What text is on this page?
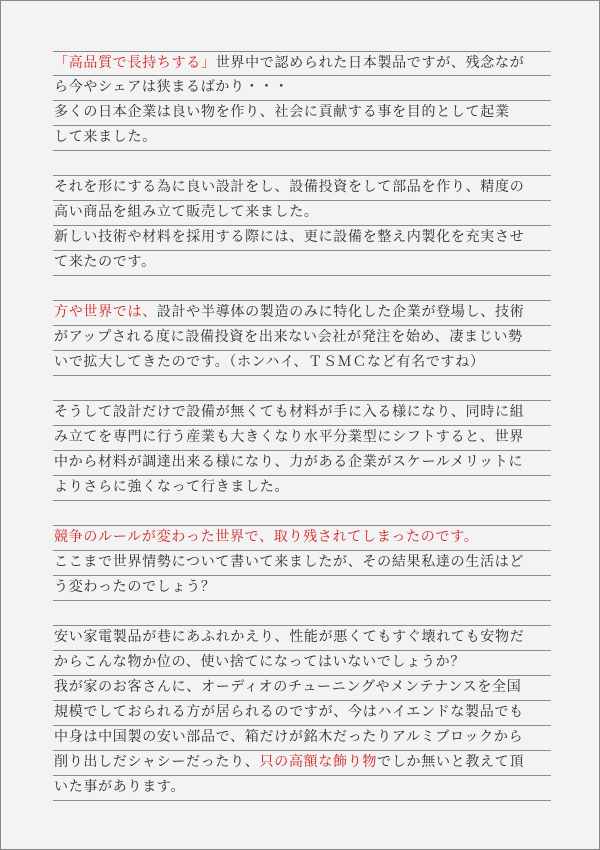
「高品質で長持ちする」世界中で認められた日本製品ですが、残念なが
ら今やシェアは狭まるばかり・・・
多くの日本企業は良い物を作り、社会に貢献する事を目的として起業
して来ました。
それを形にする為に良い設計をし、設備投資をして部品を作り、精度の
高い商品を組み立て販売して来ました。
新しい技術や材料を採用する際には、更に設備を整え内製化を充実させ
て来たのです。
方や世界では、設計や半導体の製造のみに特化した企業が登場し、技術
がアップされる度に設備投資を出来ない会社が発注を始め、凄まじい勢
いで拡大してきたのです。（ホンハイ、ＴＳＭＣなど有名ですね）
そうして設計だけで設備が無くても材料が手に入る様になり、同時に組
み立てを専門に行う産業も大きくなり水平分業型にシフトすると、世界
中から材料が調達出来る様になり、力がある企業がスケールメリットに
よりさらに強くなって行きました。
競争のルールが変わった世界で、取り残されてしまったのです。
ここまで世界情勢について書いて来ましたが、その結果私達の生活はど
う変わったのでしょう？
安い家電製品が巷にあふれかえり、性能が悪くてもすぐ壊れても安物だ
からこんな物か位の、使い捨てになってはいないでしょうか？
我が家のお客さんに、オーディオのチューニングやメンテナンスを全国
規模でしておられる方が居られるのですが、今はハイエンドな製品でも
中身は中国製の安い部品で、箱だけが銘木だったりアルミブロックから
削り出しだシャシーだったり、只の高額な飾り物でしか無いと教えて頂
いた事があります。
